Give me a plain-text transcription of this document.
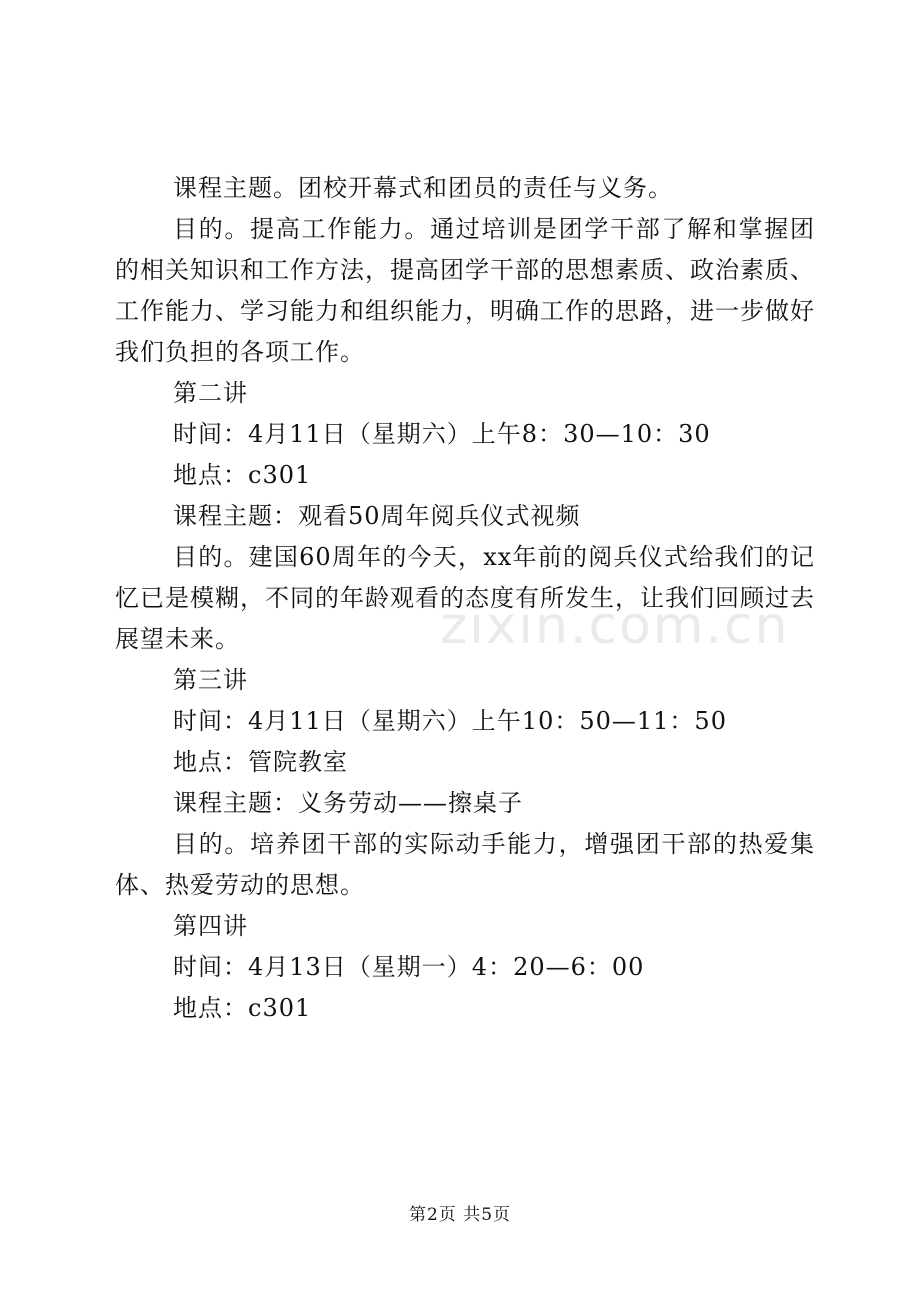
课程主题。团校开幕式和团员的责任与义务。

目的。提高工作能力。通过培训是团学干部了解和掌握团的相关知识和工作方法，提高团学干部的思想素质、政治素质、工作能力、学习能力和组织能力，明确工作的思路，进一步做好我们负担的各项工作。

第二讲

时间：4月11日（星期六）上午8：30—10：30

地点：c301

课程主题：观看50周年阅兵仪式视频

目的。建国60周年的今天，xx年前的阅兵仪式给我们的记忆已是模糊，不同的年龄观看的态度有所发生，让我们回顾过去展望未来。

第三讲

时间：4月11日（星期六）上午10：50—11：50

地点：管院教室

课程主题：义务劳动——擦桌子

目的。培养团干部的实际动手能力，增强团干部的热爱集体、热爱劳动的思想。

第四讲

时间：4月13日（星期一）4：20—6：00

地点：c301

zixin.com.cn
第2页 共5页
